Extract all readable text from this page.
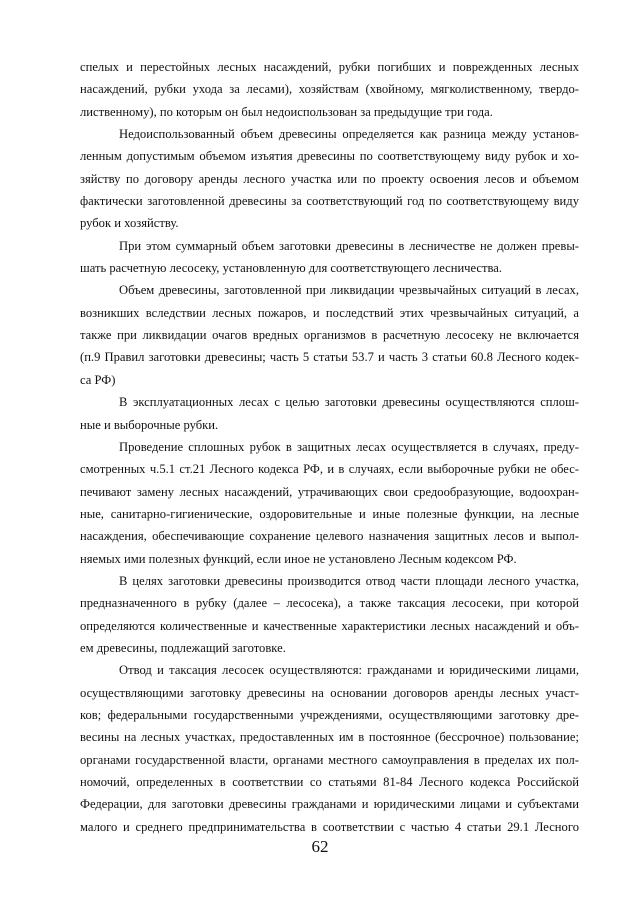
спелых и перестойных лесных насаждений, рубки погибших и поврежденных лесных
насаждений, рубки ухода за лесами), хозяйствам (хвойному, мягколиственному, твердо-
лиственному), по которым он был недоиспользован за предыдущие три года.
Недоиспользованный объем древесины определяется как разница между установ-
ленным допустимым объемом изъятия древесины по соответствующему виду рубок и хо-
зяйству по договору аренды лесного участка или по проекту освоения лесов и объемом
фактически заготовленной древесины за соответствующий год по соответствующему виду
рубок и хозяйству.
При этом суммарный объем заготовки древесины в лесничестве не должен превы-
шать расчетную лесосеку, установленную для соответствующего лесничества.
Объем древесины, заготовленной при ликвидации чрезвычайных ситуаций в лесах,
возникших вследствии лесных пожаров, и последствий этих чрезвычайных ситуаций, а
также при ликвидации очагов вредных организмов в расчетную лесосеку не включается
(п.9 Правил заготовки древесины; часть 5 статьи 53.7 и часть 3 статьи 60.8 Лесного кодек-
са РФ)
В эксплуатационных лесах с целью заготовки древесины осуществляются сплош-
ные и выборочные рубки.
Проведение сплошных рубок в защитных лесах осуществляется в случаях, преду-
смотренных ч.5.1 ст.21 Лесного кодекса РФ, и в случаях, если выборочные рубки не обес-
печивают замену лесных насаждений, утрачивающих свои средообразующие, водоохран-
ные, санитарно-гигиенические, оздоровительные и иные полезные функции, на лесные
насаждения, обеспечивающие сохранение целевого назначения защитных лесов и выпол-
няемых ими полезных функций, если иное не установлено Лесным кодексом РФ.
В целях заготовки древесины производится отвод части площади лесного участка,
предназначенного в рубку (далее – лесосека), а также таксация лесосеки, при которой
определяются количественные и качественные характеристики лесных насаждений и объ-
ем древесины, подлежащий заготовке.
Отвод и таксация лесосек осуществляются: гражданами и юридическими лицами,
осуществляющими заготовку древесины на основании договоров аренды лесных участ-
ков; федеральными государственными учреждениями, осуществляющими заготовку дре-
весины на лесных участках, предоставленных им в постоянное (бессрочное) пользование;
органами государственной власти, органами местного самоуправления в пределах их пол-
номочий, определенных в соответствии со статьями 81-84 Лесного кодекса Российской
Федерации, для заготовки древесины гражданами и юридическими лицами и субъектами
малого и среднего предпринимательства в соответствии с частью 4 статьи 29.1 Лесного
62
